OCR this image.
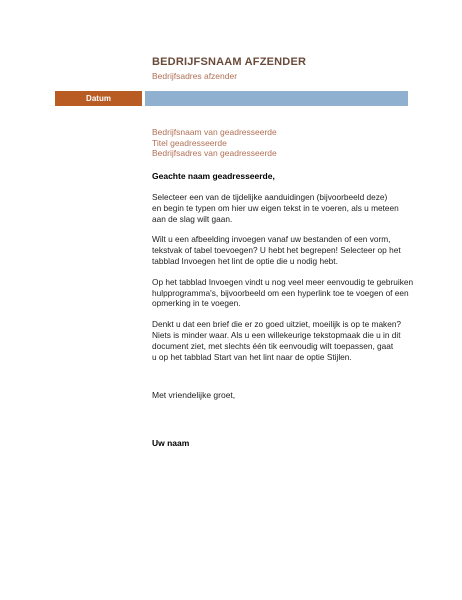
BEDRIJFSNAAM AFZENDER
Bedrijfsadres afzender
Datum
Bedrijfsnaam van geadresseerde
Titel geadresseerde
Bedrijfsadres van geadresseerde
Geachte naam geadresseerde,

Selecteer een van de tijdelijke aanduidingen (bijvoorbeeld deze)
en begin te typen om hier uw eigen tekst in te voeren, als u meteen
aan de slag wilt gaan.

Wilt u een afbeelding invoegen vanaf uw bestanden of een vorm,
tekstvak of tabel toevoegen? U hebt het begrepen! Selecteer op het
tabblad Invoegen het lint de optie die u nodig hebt.

Op het tabblad Invoegen vindt u nog veel meer eenvoudig te gebruiken
hulpprogramma's, bijvoorbeeld om een hyperlink toe te voegen of een
opmerking in te voegen.

Denkt u dat een brief die er zo goed uitziet, moeilijk is op te maken?
Niets is minder waar. Als u een willekeurige tekstopmaak die u in dit
document ziet, met slechts één tik eenvoudig wilt toepassen, gaat
u op het tabblad Start van het lint naar de optie Stijlen.

Met vriendelijke groet,
Uw naam
